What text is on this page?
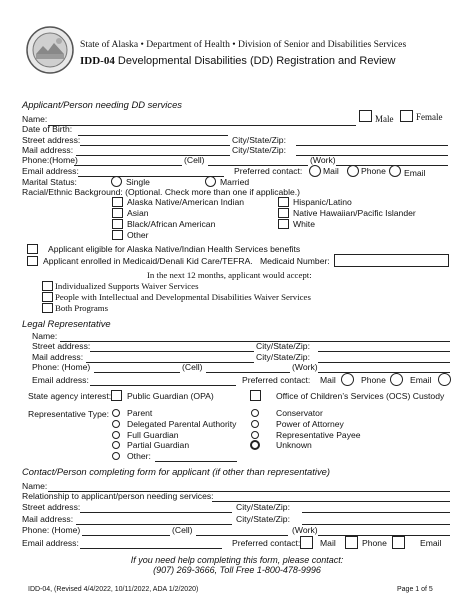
State of Alaska • Department of Health • Division of Senior and Disabilities Services
IDD-04 Developmental Disabilities (DD) Registration and Review
Applicant/Person needing DD services
Name:	Male	Female
Date of Birth:
Street address:	City/State/Zip:
Mail address:	City/State/Zip:
Phone:(Home)	(Cell)	(Work)
Email address:	Preferred contact: Mail	Phone Email
Marital Status:	Single	Married
Racial/Ethnic Background: (Optional. Check more than one if applicable.)
Alaska Native/American Indian
Asian
Black/African American
Other
Hispanic/Latino
Native Hawaiian/Pacific Islander
White
Applicant eligible for Alaska Native/Indian Health Services benefits
Applicant enrolled in Medicaid/Denali Kid Care/TEFRA. Medicaid Number:
In the next 12 months, applicant would accept:
Individualized Supports Waiver Services
People with Intellectual and Developmental Disabilities Waiver Services
Both Programs
Legal Representative
Name:
Street address:	City/State/Zip:
Mail address:	City/State/Zip:
Phone: (Home)	(Cell)	(Work)
Email address:	Preferred contact: Mail	Phone	Email
State agency interest: Public Guardian (OPA)	Office of Children’s Services (OCS) Custody
Representative Type: Parent
Delegated Parental Authority
Full Guardian
Partial Guardian
Other:
Conservator
Power of Attorney
Representative Payee
Unknown
Contact/Person completing form for applicant (if other than representative)
Name:
Relationship to applicant/person needing services:
Street address:	City/State/Zip:
Mail address:	City/State/Zip:
Phone: (Home)	(Cell)	(Work)
Email address:	Preferred contact: Mail	Phone	Email
If you need help completing this form, please contact:
(907) 269-3666, Toll Free 1-800-478-9996
IDD-04, (Revised 4/4/2022, 10/11/2022, ADA 1/2/2020)	Page 1 of 5
